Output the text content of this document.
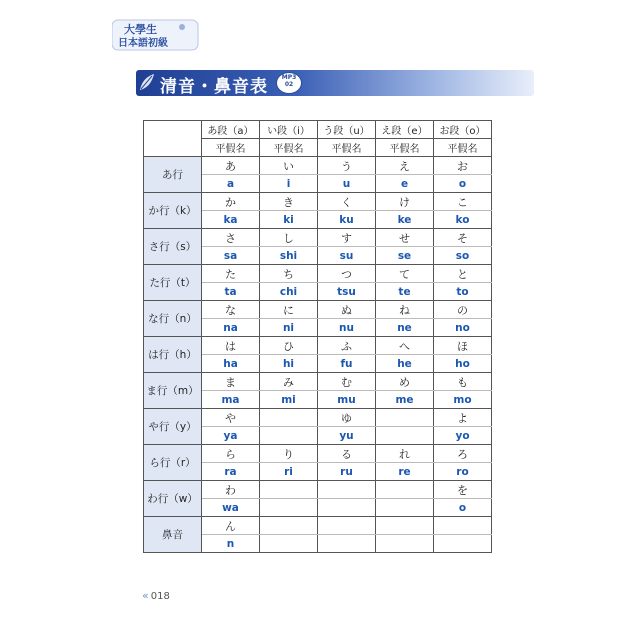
大學生
日本語初級
清音・鼻音表	MP3
02
	あ段（a）	い段（i）	う段（u）	え段（e）	お段（o）
	平假名	平假名	平假名	平假名	平假名
あ行	あ	い	う	え	お
	a	i	u	e	o
か行（k）	か	き	く	け	こ
	ka	ki	ku	ke	ko
さ行（s）	さ	し	す	せ	そ
	sa	shi	su	se	so
た行（t）	た	ち	つ	て	と
	ta	chi	tsu	te	to
な行（n）	な	に	ぬ	ね	の
	na	ni	nu	ne	no
は行（h）	は	ひ	ふ	へ	ほ
	ha	hi	fu	he	ho
ま行（m）	ま	み	む	め	も
	ma	mi	mu	me	mo
や行（y）	や		ゆ		よ
	ya		yu		yo
ら行（r）	ら	り	る	れ	ろ
	ra	ri	ru	re	ro
わ行（w）	わ				を
	wa				o
鼻音	ん				
	n				
« 018
